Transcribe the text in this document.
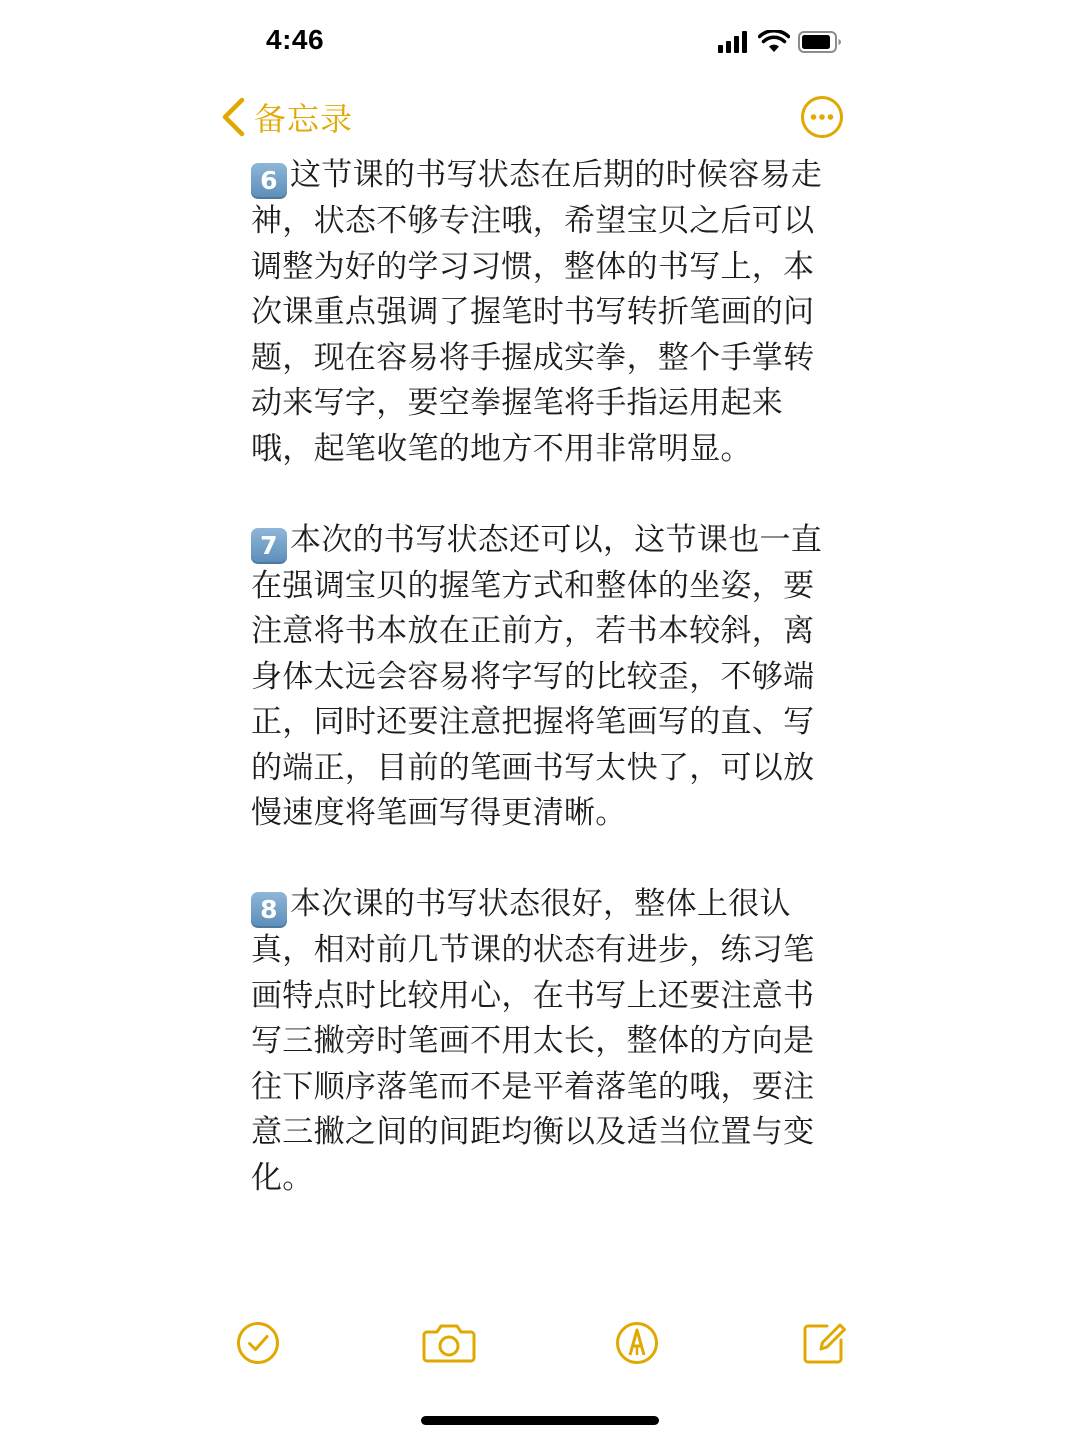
4:46
备忘录

6 这节课的书写状态在后期的时候容易走神，状态不够专注哦，希望宝贝之后可以调整为好的学习习惯，整体的书写上，本次课重点强调了握笔时书写转折笔画的问题，现在容易将手握成实拳，整个手掌转动来写字，要空拳握笔将手指运用起来哦，起笔收笔的地方不用非常明显。

7 本次的书写状态还可以，这节课也一直在强调宝贝的握笔方式和整体的坐姿，要注意将书本放在正前方，若书本较斜，离身体太远会容易将字写的比较歪，不够端正，同时还要注意把握将笔画写的直、写的端正，目前的笔画书写太快了，可以放慢速度将笔画写得更清晰。

8 本次课的书写状态很好，整体上很认真，相对前几节课的状态有进步，练习笔画特点时比较用心，在书写上还要注意书写三撇旁时笔画不用太长，整体的方向是往下顺序落笔而不是平着落笔的哦，要注意三撇之间的间距均衡以及适当位置与变化。
